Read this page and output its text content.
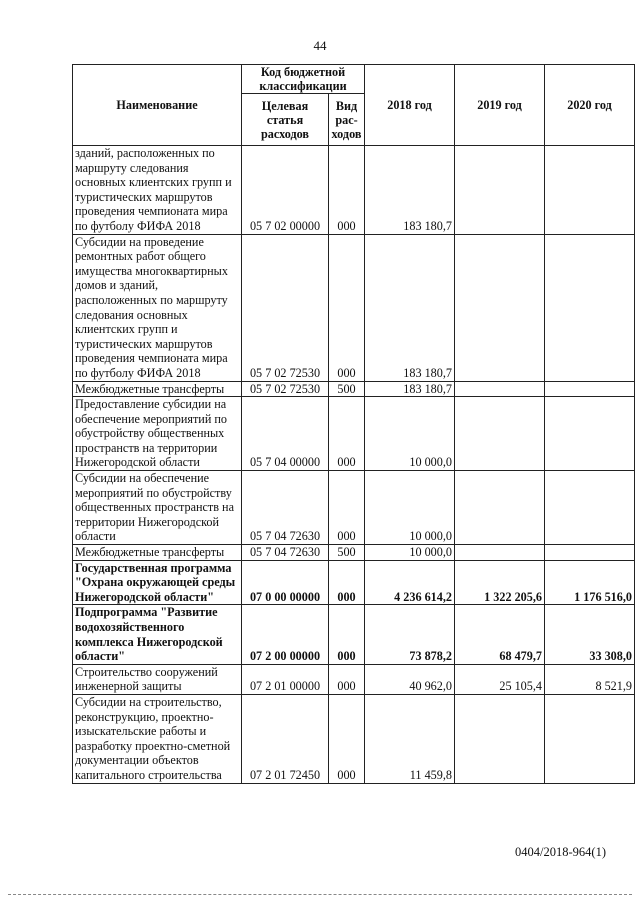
44
Наименование	Код бюджетной классификации		2018 год	2019 год	2020 год
	Целевая статья расходов	Вид рас-ходов			
зданий, расположенных по маршруту следования основных клиентских групп и туристических маршрутов проведения чемпионата мира по футболу ФИФА 2018	05 7 02 00000	000	183 180,7		
Субсидии на проведение ремонтных работ общего имущества многоквартирных домов и зданий, расположенных по маршруту следования основных клиентских групп и туристических маршрутов проведения чемпионата мира по футболу ФИФА 2018	05 7 02 72530	000	183 180,7		
Межбюджетные трансферты	05 7 02 72530	500	183 180,7		
Предоставление субсидии на обеспечение мероприятий по обустройству общественных пространств на территории Нижегородской области	05 7 04 00000	000	10 000,0		
Субсидии на обеспечение мероприятий по обустройству общественных пространств на территории Нижегородской области	05 7 04 72630	000	10 000,0		
Межбюджетные трансферты	05 7 04 72630	500	10 000,0		
Государственная программа "Охрана окружающей среды Нижегородской области"	07 0 00 00000	000	4 236 614,2	1 322 205,6	1 176 516,0
Подпрограмма "Развитие водохозяйственного комплекса Нижегородской области"	07 2 00 00000	000	73 878,2	68 479,7	33 308,0
Строительство сооружений инженерной защиты	07 2 01 00000	000	40 962,0	25 105,4	8 521,9
Субсидии на строительство, реконструкцию, проектно-изыскательские работы и разработку проектно-сметной документации объектов капитального строительства	07 2 01 72450	000	11 459,8		
0404/2018-964(1)
